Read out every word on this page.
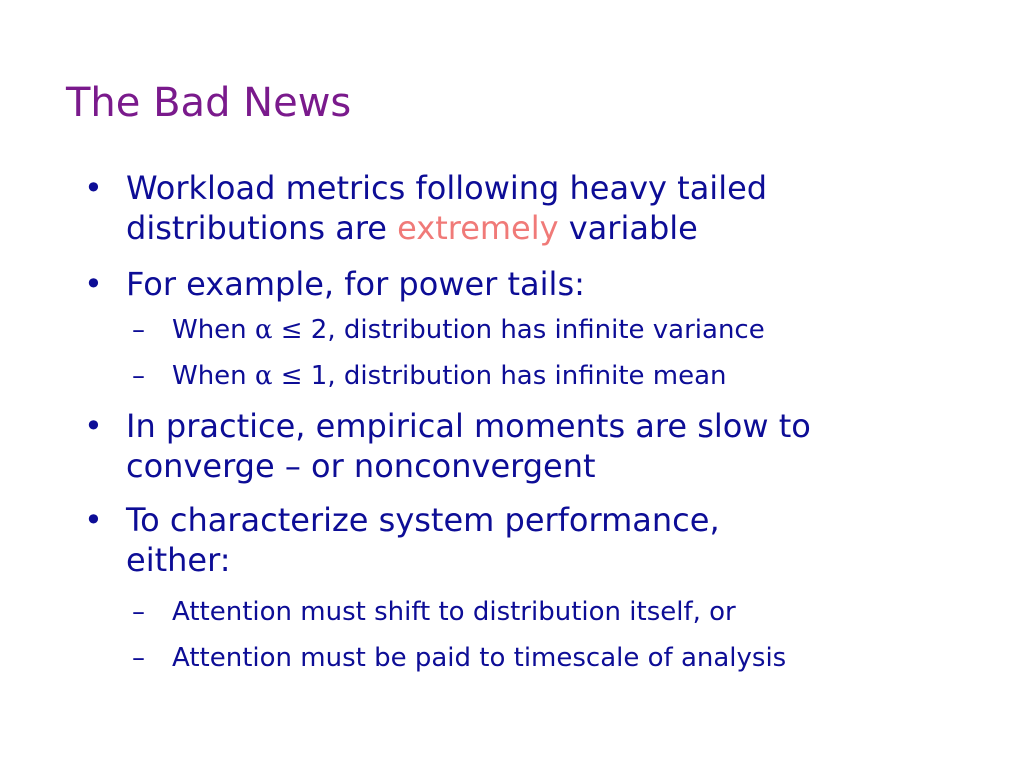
The Bad News
• Workload metrics following heavy tailed
distributions are extremely variable
• For example, for power tails:
– When α ≤ 2, distribution has infinite variance
– When α ≤ 1, distribution has infinite mean
• In practice, empirical moments are slow to
converge – or nonconvergent
• To characterize system performance,
either:
– Attention must shift to distribution itself, or
– Attention must be paid to timescale of analysis
